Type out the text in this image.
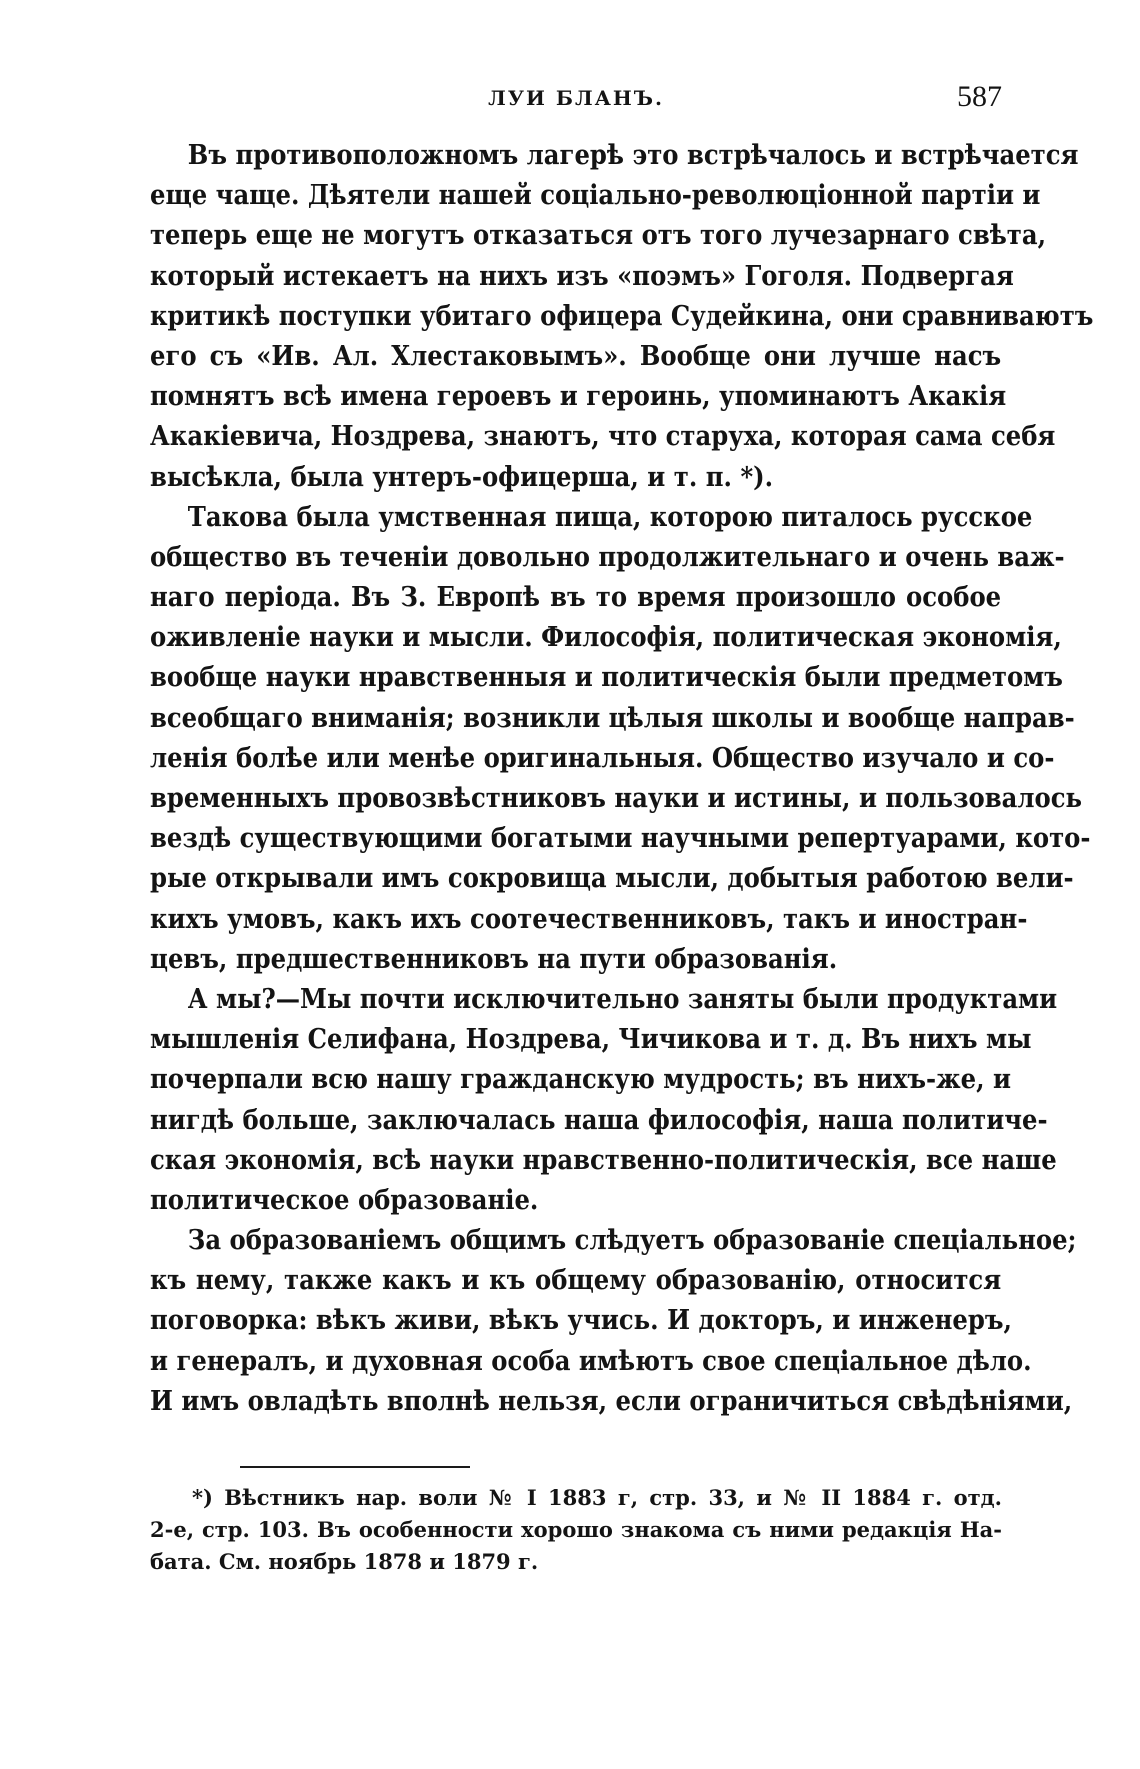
ЛУИ БЛАНЪ.	587
Въ противоположномъ лагерѣ это встрѣчалось и встрѣчается
еще чаще. Дѣятели нашей соціально-революціонной партіи и
теперь еще не могутъ отказаться отъ того лучезарнаго свѣта,
который истекаетъ на нихъ изъ «поэмъ» Гоголя. Подвергая
критикѣ поступки убитаго офицера Судейкина, они сравниваютъ
его съ «Ив. Ал. Хлестаковымъ». Вообще они лучше насъ
помнятъ всѣ имена героевъ и героинь, упоминаютъ Акакія
Акакіевича, Ноздрева, знаютъ, что старуха, которая сама себя
высѣкла, была унтеръ-офицерша, и т. п. *).
Такова была умственная пища, которою питалось русское
общество въ теченіи довольно продолжительнаго и очень важ-
наго періода. Въ З. Европѣ въ то время произошло особое
оживленіе науки и мысли. Философія, политическая экономія,
вообще науки нравственныя и политическія были предметомъ
всеобщаго вниманія; возникли цѣлыя школы и вообще направ-
ленія болѣе или менѣе оригинальныя. Общество изучало и со-
временныхъ провозвѣстниковъ науки и истины, и пользовалось
вездѣ существующими богатыми научными репертуарами, кото-
рые открывали имъ сокровища мысли, добытыя работою вели-
кихъ умовъ, какъ ихъ соотечественниковъ, такъ и иностран-
цевъ, предшественниковъ на пути образованія.
А мы?—Мы почти исключительно заняты были продуктами
мышленія Селифана, Ноздрева, Чичикова и т. д. Въ нихъ мы
почерпали всю нашу гражданскую мудрость; въ нихъ-же, и
нигдѣ больше, заключалась наша философія, наша политиче-
ская экономія, всѣ науки нравственно-политическія, все наше
политическое образованіе.
За образованіемъ общимъ слѣдуетъ образованіе спеціальное;
къ нему, также какъ и къ общему образованію, относится
поговорка: вѣкъ живи, вѣкъ учись. И докторъ, и инженеръ,
и генералъ, и духовная особа имѣютъ свое спеціальное дѣло.
И имъ овладѣть вполнѣ нельзя, если ограничиться свѣдѣніями,
*) Вѣстникъ нар. воли № I 1883 г, стр. 33, и № II 1884 г. отд.
2-е, стр. 103. Въ особенности хорошо знакома съ ними редакція На-
бата. См. ноябрь 1878 и 1879 г.
